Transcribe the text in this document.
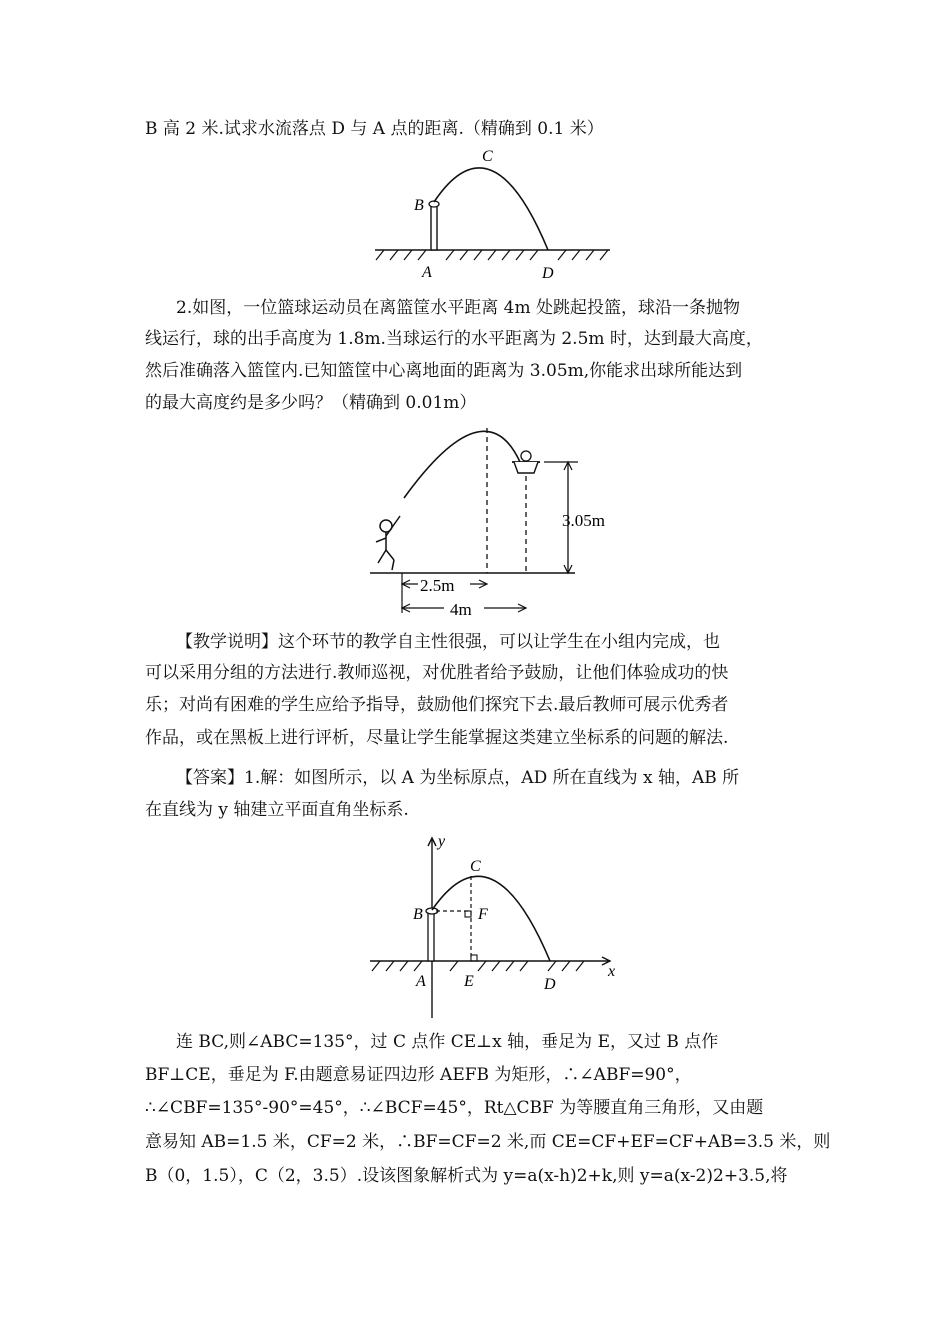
B 高 2 米.试求水流落点 D 与 A 点的距离.（精确到 0.1 米）
C
B
A	D
2.如图，一位篮球运动员在离篮筐水平距离 4m 处跳起投篮，球沿一条抛物
线运行，球的出手高度为 1.8m.当球运行的水平距离为 2.5m 时，达到最大高度，
然后准确落入篮筐内.已知篮筐中心离地面的距离为 3.05m,你能求出球所能达到
的最大高度约是多少吗？（精确到 0.01m）
3.05m
2.5m
4m
【教学说明】这个环节的教学自主性很强，可以让学生在小组内完成，也
可以采用分组的方法进行.教师巡视，对优胜者给予鼓励，让他们体验成功的快
乐；对尚有困难的学生应给予指导，鼓励他们探究下去.最后教师可展示优秀者
作品，或在黑板上进行评析，尽量让学生能掌握这类建立坐标系的问题的解法.
【答案】1.解：如图所示，以 A 为坐标原点，AD 所在直线为 x 轴，AB 所
在直线为 y 轴建立平面直角坐标系.
y
C
B	F
A E	D
x
连 BC,则∠ABC=135°，过 C 点作 CE⊥x 轴，垂足为 E，又过 B 点作
BF⊥CE，垂足为 F.由题意易证四边形 AEFB 为矩形，∴∠ABF=90°，
∴∠CBF=135°-90°=45°，∴∠BCF=45°，Rt△CBF 为等腰直角三角形，又由题
意易知 AB=1.5 米，CF=2 米，∴BF=CF=2 米,而 CE=CF+EF=CF+AB=3.5 米，则
B（0，1.5），C（2，3.5）.设该图象解析式为 y=a(x-h)2+k,则 y=a(x-2)2+3.5,将
